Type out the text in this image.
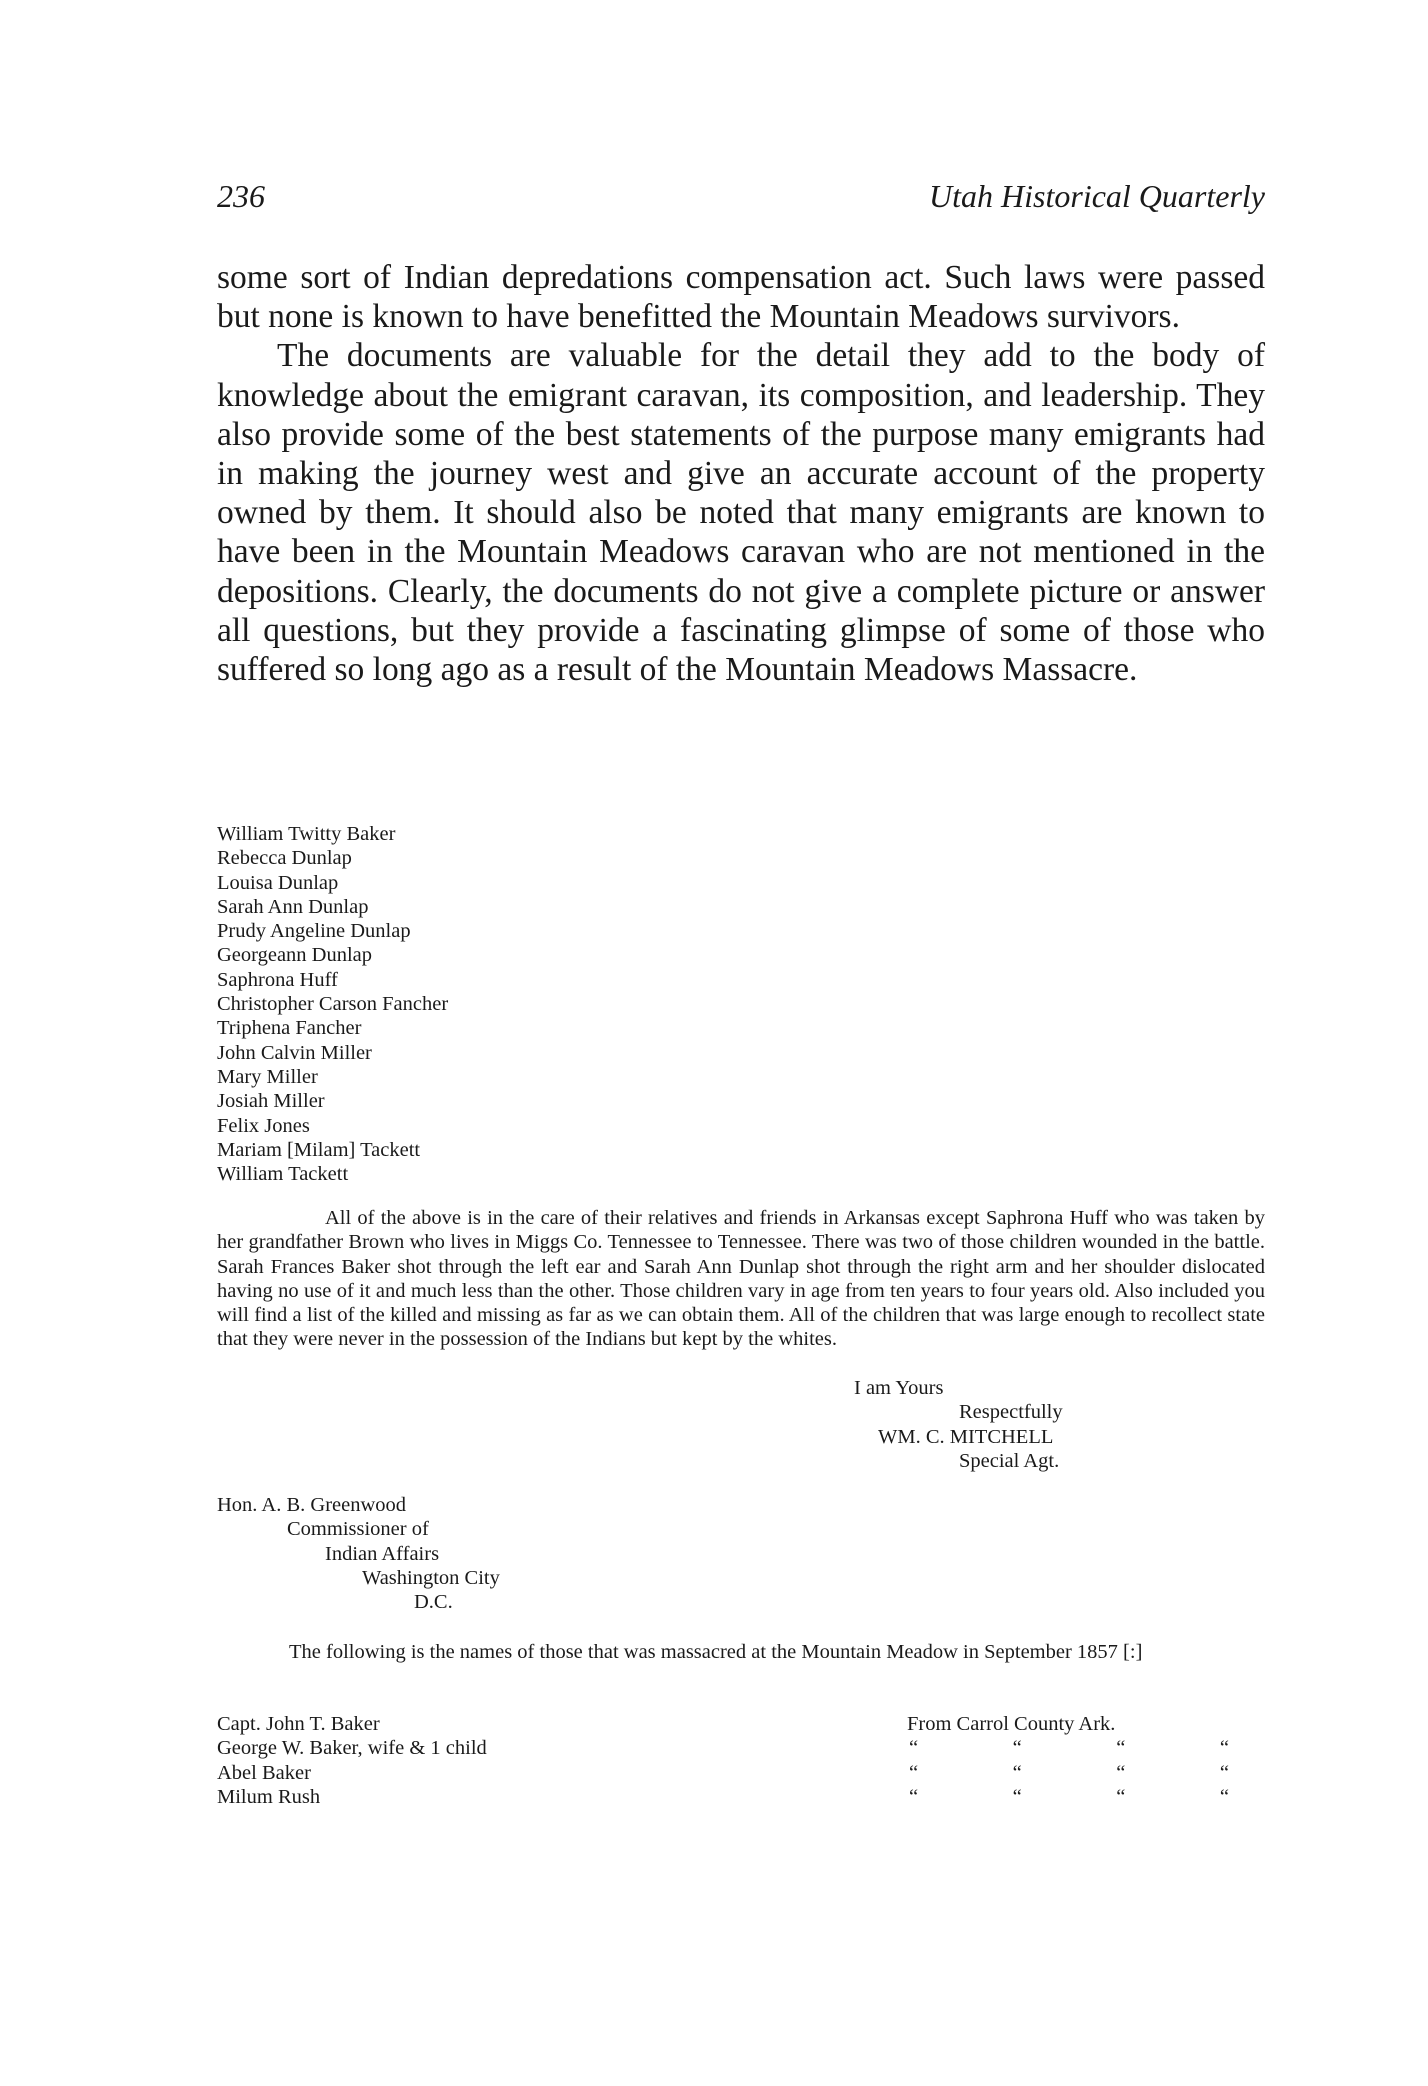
236	Utah Historical Quarterly

some sort of Indian depredations compensation act. Such laws were passed but none is known to have benefitted the Mountain Meadows survivors.

The documents are valuable for the detail they add to the body of knowledge about the emigrant caravan, its composition, and leadership. They also provide some of the best statements of the purpose many emigrants had in making the journey west and give an accurate account of the property owned by them. It should also be noted that many emigrants are known to have been in the Mountain Meadows caravan who are not mentioned in the depositions. Clearly, the documents do not give a complete picture or answer all questions, but they provide a fascinating glimpse of some of those who suffered so long ago as a result of the Mountain Meadows Massacre.

William Twitty Baker
Rebecca Dunlap
Louisa Dunlap
Sarah Ann Dunlap
Prudy Angeline Dunlap
Georgeann Dunlap
Saphrona Huff
Christopher Carson Fancher
Triphena Fancher
John Calvin Miller
Mary Miller
Josiah Miller
Felix Jones
Mariam [Milam] Tackett
William Tackett

All of the above is in the care of their relatives and friends in Arkansas except Saphrona Huff who was taken by her grandfather Brown who lives in Miggs Co. Tennessee to Tennessee. There was two of those children wounded in the battle. Sarah Frances Baker shot through the left ear and Sarah Ann Dunlap shot through the right arm and her shoulder dislocated having no use of it and much less than the other. Those children vary in age from ten years to four years old. Also included you will find a list of the killed and missing as far as we can obtain them. All of the children that was large enough to recollect state that they were never in the possession of the Indians but kept by the whites.

I am Yours
Respectfully
WM. C. MITCHELL
Special Agt.
Hon. A. B. Greenwood
Commissioner of
Indian Affairs
Washington City
D.C.

The following is the names of those that was massacred at the Mountain Meadow in September 1857 [:]

Capt. John T. Baker	From Carrol County Ark.
George W. Baker, wife & 1 child	“	“	“	“
Abel Baker	“	“	“	“
Milum Rush	“	“	“	“
